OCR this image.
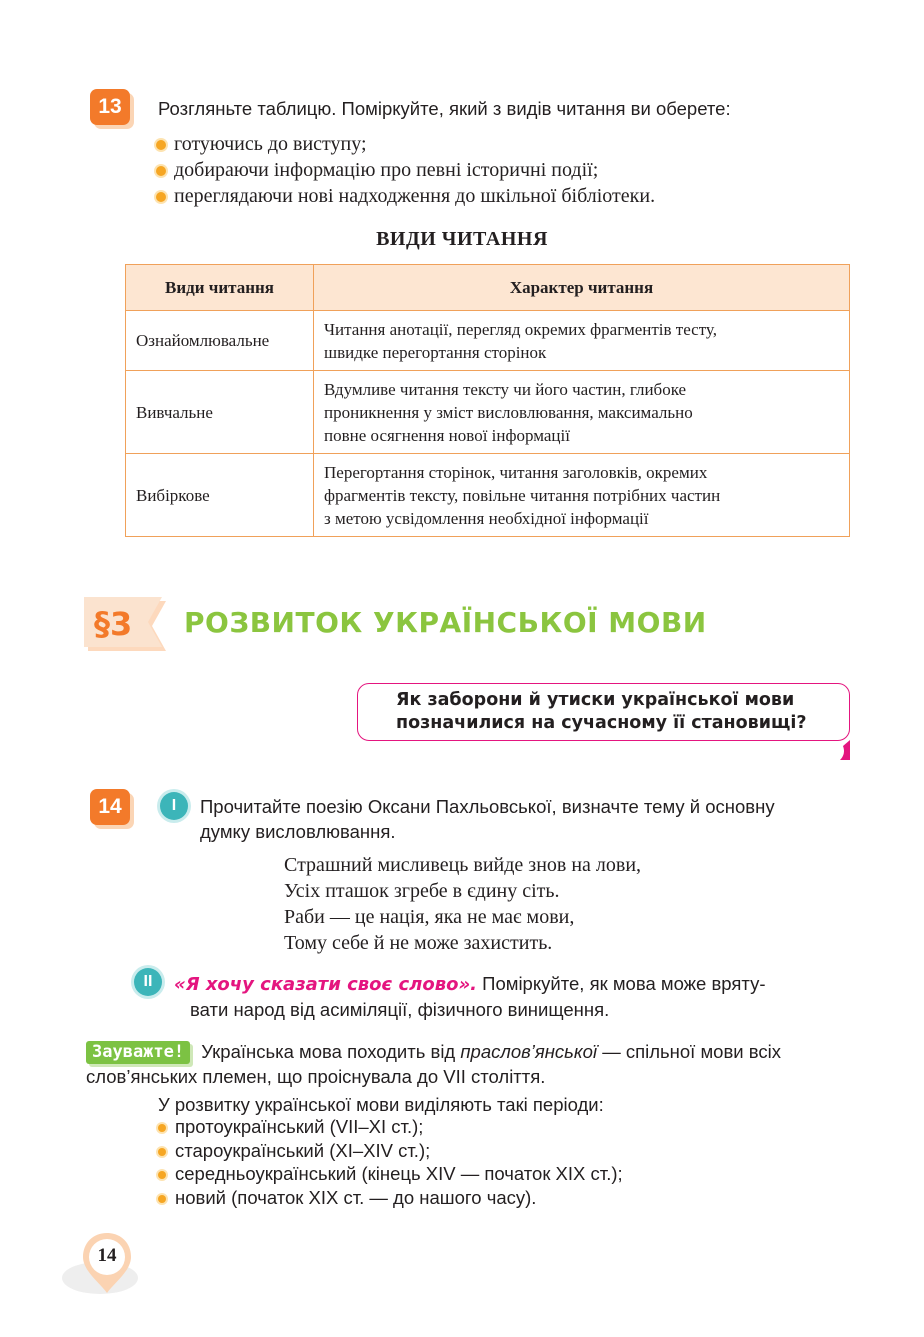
13	Розгляньте таблицю. Поміркуйте, який з видів читання ви оберете:
готуючись до виступу;
добираючи інформацію про певні історичні події;
переглядаючи нові надходження до шкільної бібліотеки.
ВИДИ ЧИТАННЯ
Види читання	Характер читання
Ознайомлювальне	Читання анотації, перегляд окремих фрагментів тесту,
швидке перегортання сторінок

Вивчальне	Вдумливе читання тексту чи його частин, глибоке
проникнення у зміст висловлювання, максимально
повне осягнення нової інформації

Вибіркове	Перегортання сторінок, читання заголовків, окремих
фрагментів тексту, повільне читання потрібних частин
з метою усвідомлення необхідної інформації
§3 РОЗВИТОК УКРАЇНСЬКОЇ МОВИ
Як заборони й утиски української мови
позначилися на сучасному її становищі?
14	I	Прочитайте поезію Оксани Пахльовської, визначте тему й основну
думку висловлювання.
Страшний мисливець вийде знов на лови,
Усіх пташок згребе в єдину сіть.
Раби — це нація, яка не має мови,
Тому себе й не може захистить.
II	«Я хочу сказати своє слово». Поміркуйте, як мова може вряту-
вати народ від асиміляції, фізичного винищення.
Зауважте! Українська мова походить від праслов’янської — спільної мови всіх
слов’янських племен, що проіснувала до VII століття.
У розвитку української мови виділяють такі періоди:
протоукраїнський (VII–XI ст.);
староукраїнський (XI–XIV ст.);
середньоукраїнський (кінець XIV — початок XIX ст.);
новий (початок XIX ст. — до нашого часу).
14
